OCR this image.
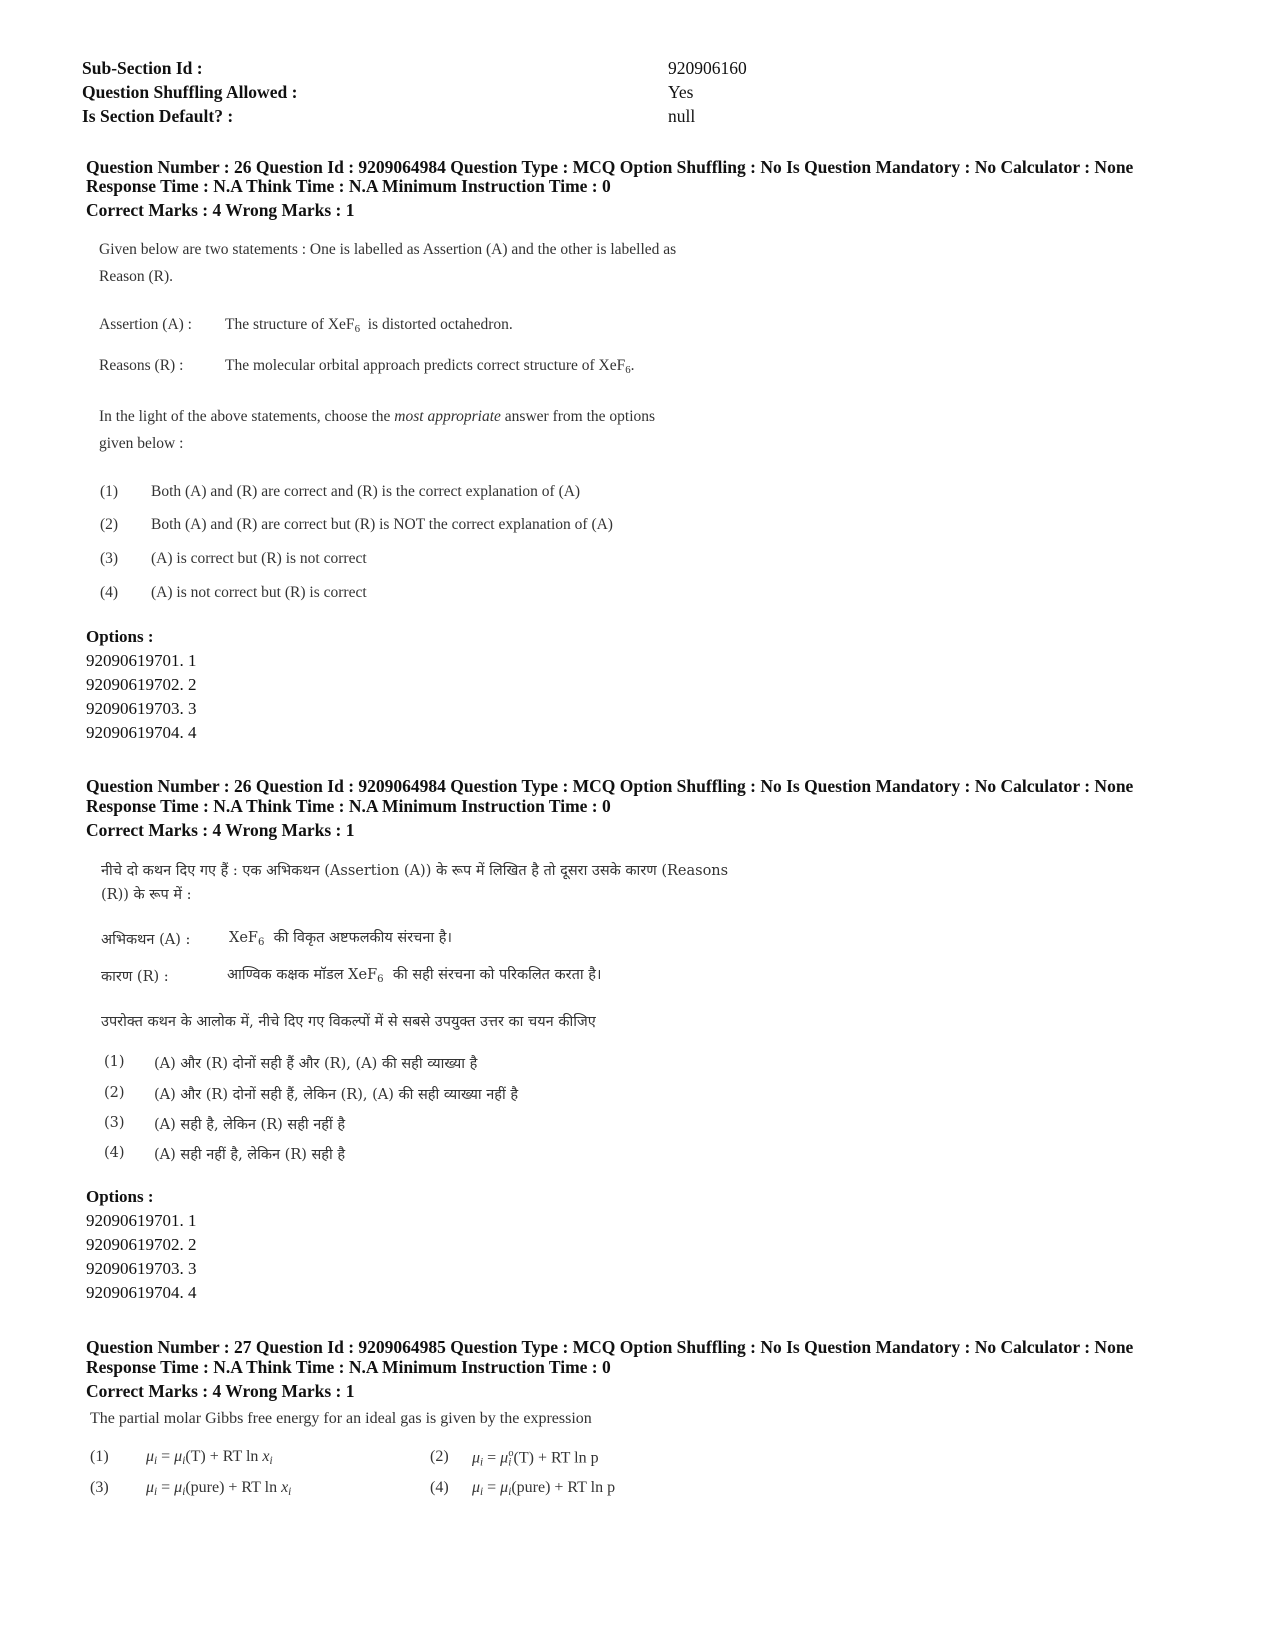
Sub-Section Id :	920906160
Question Shuffling Allowed :	Yes
Is Section Default? :	null
Question Number : 26 Question Id : 9209064984 Question Type : MCQ Option Shuffling : No Is Question Mandatory : No Calculator : None
Response Time : N.A Think Time : N.A Minimum Instruction Time : 0
Correct Marks : 4 Wrong Marks : 1
Given below are two statements : One is labelled as Assertion (A) and the other is labelled as
Reason (R).
Assertion (A) : The structure of XeF$_6$ is distorted octahedron.
Reasons (R) :	The molecular orbital approach predicts correct structure of XeF$_6$.
In the light of the above statements, choose the most appropriate answer from the options
given below :
(1) Both (A) and (R) are correct and (R) is the correct explanation of (A)
(2) Both (A) and (R) are correct but (R) is NOT the correct explanation of (A)
(3) (A) is correct but (R) is not correct
(4) (A) is not correct but (R) is correct
Options :
92090619701. 1
92090619702. 2
92090619703. 3
92090619704. 4
Question Number : 26 Question Id : 9209064984 Question Type : MCQ Option Shuffling : No Is Question Mandatory : No Calculator : None
Response Time : N.A Think Time : N.A Minimum Instruction Time : 0
Correct Marks : 4 Wrong Marks : 1
नीचे दो कथन दिए गए हैं : एक अभिकथन (Assertion (A)) के रूप में लिखित है तो दूसरा उसके कारण (Reasons
(R)) के रूप में :
अभिकथन (A) :	XeF$_6$ की विकृत अष्टफलकीय संरचना है।
कारण (R) :	आण्विक कक्षक मॉडल XeF$_6$ की सही संरचना को परिकलित करता है।
उपरोक्त कथन के आलोक में, नीचे दिए गए विकल्पों में से सबसे उपयुक्त उत्तर का चयन कीजिए
(1) (A) और (R) दोनों सही हैं और (R), (A) की सही व्याख्या है
(2) (A) और (R) दोनों सही हैं, लेकिन (R), (A) की सही व्याख्या नहीं है
(3) (A) सही है, लेकिन (R) सही नहीं है
(4) (A) सही नहीं है, लेकिन (R) सही है
Options :
92090619701. 1
92090619702. 2
92090619703. 3
92090619704. 4
Question Number : 27 Question Id : 9209064985 Question Type : MCQ Option Shuffling : No Is Question Mandatory : No Calculator : None
Response Time : N.A Think Time : N.A Minimum Instruction Time : 0
Correct Marks : 4 Wrong Marks : 1
The partial molar Gibbs free energy for an ideal gas is given by the expression
(1) $\mu_i = \mu_i(T)$ + RT $\ln x_i$	(2) $\mu_i = \mu_i^o(T)$ + RT ln p
(3) $\mu_i$ = $\mu_i(pure)$ + RT $\ln x_i$	(4) $\mu_i$ = $\mu_i(pure)$ + RT ln p
